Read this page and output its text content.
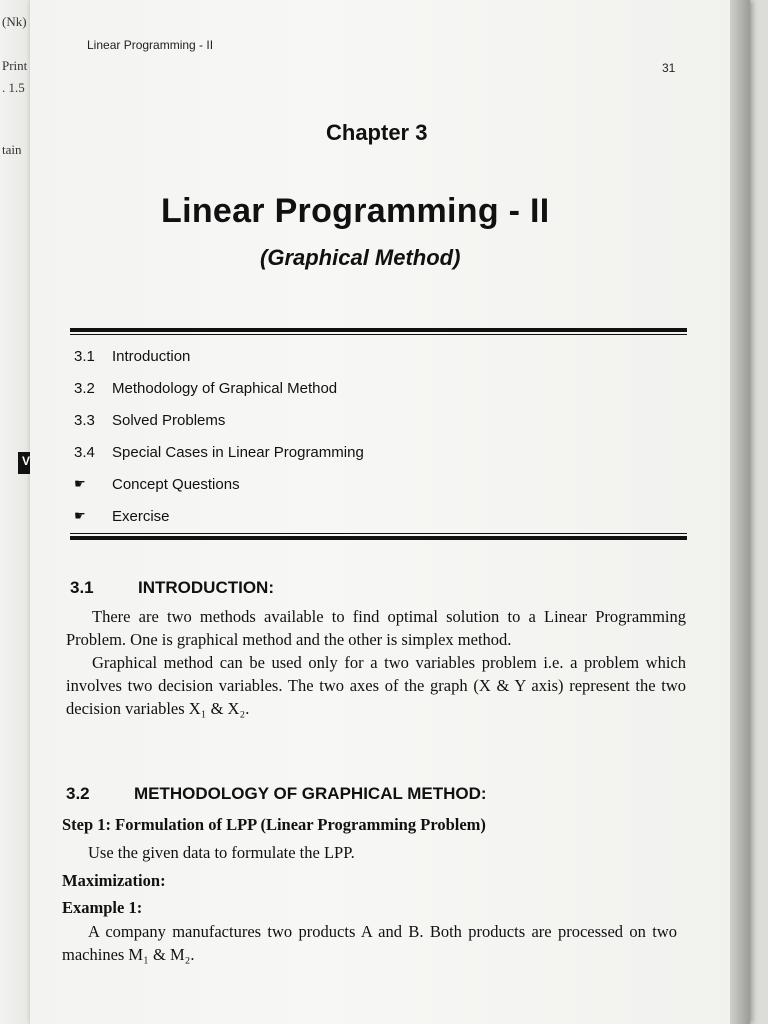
(Nk)
Print
. 1.5
tain
V
Linear Programming - II
31
Chapter 3
Linear Programming - II
(Graphical Method)
3.1	Introduction
3.2	Methodology of Graphical Method
3.3	Solved Problems
3.4	Special Cases in Linear Programming
☛	Concept Questions
☛	Exercise
3.1	INTRODUCTION:

There are two methods available to find optimal solution to a Linear Programming Problem. One is graphical method and the other is simplex method.

Graphical method can be used only for a two variables problem i.e. a problem which involves two decision variables. The two axes of the graph (X & Y axis) represent the two decision variables X₁ & X₂.

3.2	METHODOLOGY OF GRAPHICAL METHOD:
Step 1: Formulation of LPP (Linear Programming Problem)
Use the given data to formulate the LPP.
Maximization:
Example 1:

A company manufactures two products A and B. Both products are processed on two machines M₁ & M₂.
